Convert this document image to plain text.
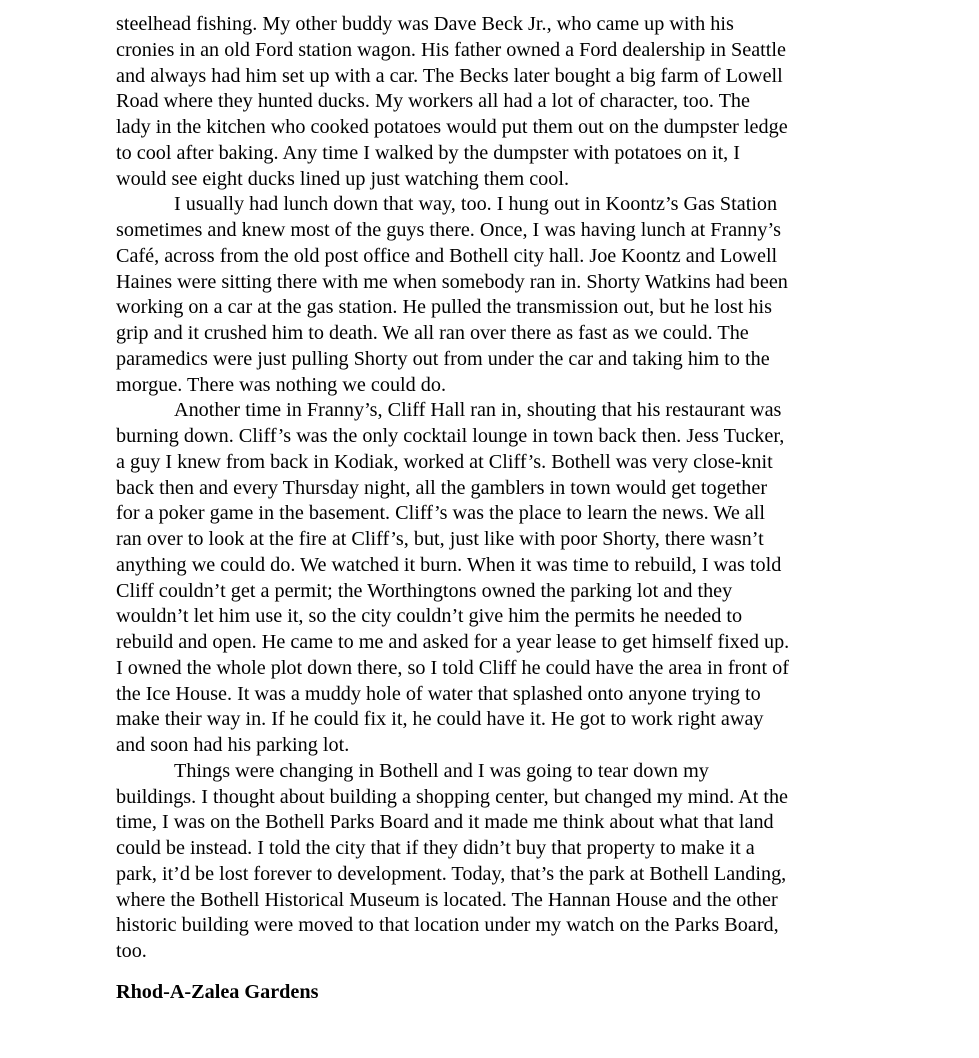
steelhead fishing. My other buddy was Dave Beck Jr., who came up with his
cronies in an old Ford station wagon. His father owned a Ford dealership in Seattle
and always had him set up with a car. The Becks later bought a big farm of Lowell
Road where they hunted ducks. My workers all had a lot of character, too. The
lady in the kitchen who cooked potatoes would put them out on the dumpster ledge
to cool after baking. Any time I walked by the dumpster with potatoes on it, I
would see eight ducks lined up just watching them cool.

I usually had lunch down that way, too. I hung out in Koontz’s Gas Station
sometimes and knew most of the guys there. Once, I was having lunch at Franny’s
Café, across from the old post office and Bothell city hall. Joe Koontz and Lowell
Haines were sitting there with me when somebody ran in. Shorty Watkins had been
working on a car at the gas station. He pulled the transmission out, but he lost his
grip and it crushed him to death. We all ran over there as fast as we could. The
paramedics were just pulling Shorty out from under the car and taking him to the
morgue. There was nothing we could do.

Another time in Franny’s, Cliff Hall ran in, shouting that his restaurant was
burning down. Cliff’s was the only cocktail lounge in town back then. Jess Tucker,
a guy I knew from back in Kodiak, worked at Cliff’s. Bothell was very close-knit
back then and every Thursday night, all the gamblers in town would get together
for a poker game in the basement. Cliff’s was the place to learn the news. We all
ran over to look at the fire at Cliff’s, but, just like with poor Shorty, there wasn’t
anything we could do. We watched it burn. When it was time to rebuild, I was told
Cliff couldn’t get a permit; the Worthingtons owned the parking lot and they
wouldn’t let him use it, so the city couldn’t give him the permits he needed to
rebuild and open. He came to me and asked for a year lease to get himself fixed up.
I owned the whole plot down there, so I told Cliff he could have the area in front of
the Ice House. It was a muddy hole of water that splashed onto anyone trying to
make their way in. If he could fix it, he could have it. He got to work right away
and soon had his parking lot.

Things were changing in Bothell and I was going to tear down my
buildings. I thought about building a shopping center, but changed my mind. At the
time, I was on the Bothell Parks Board and it made me think about what that land
could be instead. I told the city that if they didn’t buy that property to make it a
park, it’d be lost forever to development. Today, that’s the park at Bothell Landing,
where the Bothell Historical Museum is located. The Hannan House and the other
historic building were moved to that location under my watch on the Parks Board,
too.

Rhod-A-Zalea Gardens
